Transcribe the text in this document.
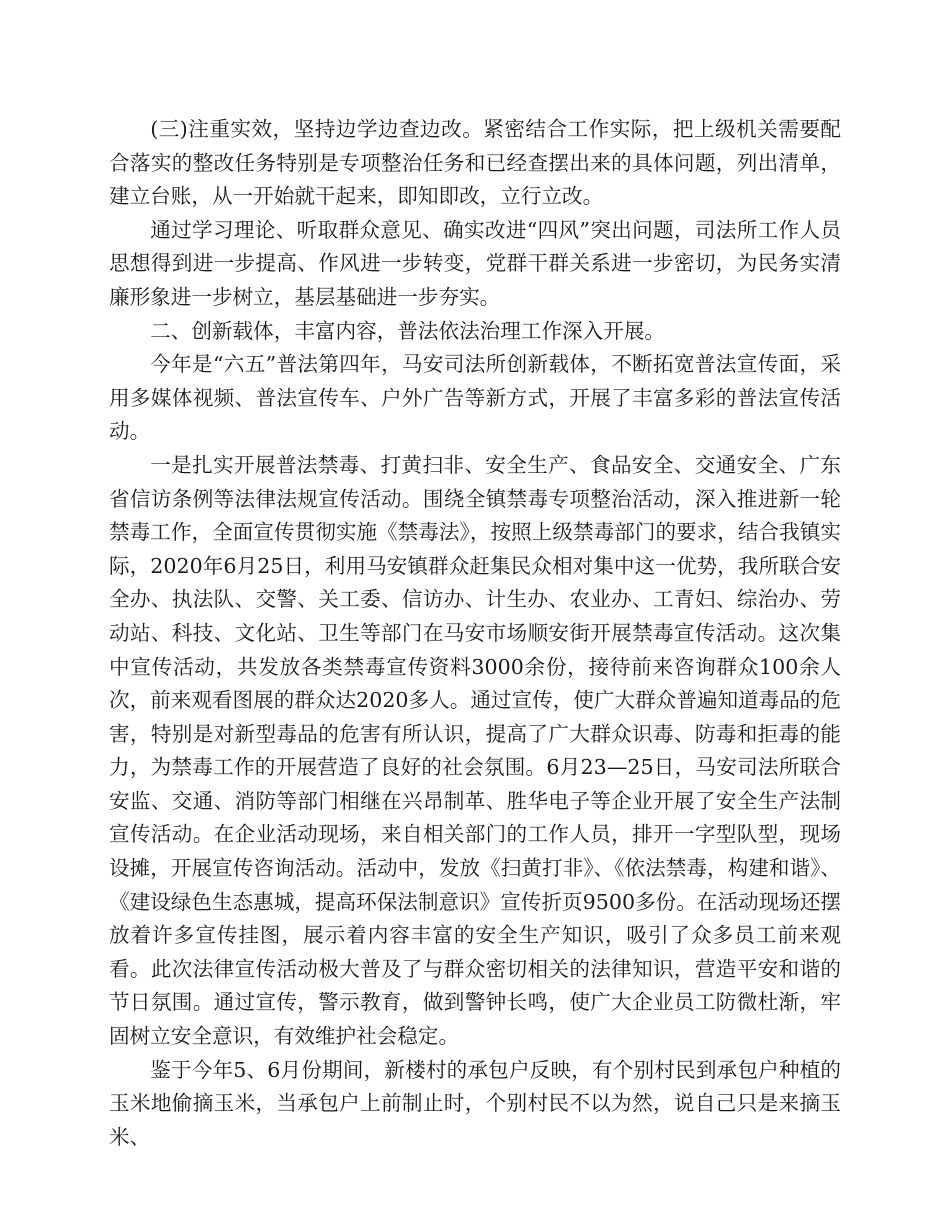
(三)注重实效，坚持边学边查边改。紧密结合工作实际，把上级机关需要配合落实的整改任务特别是专项整治任务和已经查摆出来的具体问题，列出清单，建立台账，从一开始就干起来，即知即改，立行立改。

通过学习理论、听取群众意见、确实改进“四风”突出问题，司法所工作人员思想得到进一步提高、作风进一步转变，党群干群关系进一步密切，为民务实清廉形象进一步树立，基层基础进一步夯实。

二、创新载体，丰富内容，普法依法治理工作深入开展。

今年是“六五”普法第四年，马安司法所创新载体，不断拓宽普法宣传面，采用多媒体视频、普法宣传车、户外广告等新方式，开展了丰富多彩的普法宣传活动。

一是扎实开展普法禁毒、打黄扫非、安全生产、食品安全、交通安全、广东省信访条例等法律法规宣传活动。围绕全镇禁毒专项整治活动，深入推进新一轮禁毒工作，全面宣传贯彻实施《禁毒法》，按照上级禁毒部门的要求，结合我镇实际，2020年6月25日，利用马安镇群众赶集民众相对集中这一优势，我所联合安全办、执法队、交警、关工委、信访办、计生办、农业办、工青妇、综治办、劳动站、科技、文化站、卫生等部门在马安市场顺安街开展禁毒宣传活动。这次集中宣传活动，共发放各类禁毒宣传资料3000余份，接待前来咨询群众100余人次，前来观看图展的群众达2020多人。通过宣传，使广大群众普遍知道毒品的危害，特别是对新型毒品的危害有所认识，提高了广大群众识毒、防毒和拒毒的能力，为禁毒工作的开展营造了良好的社会氛围。6月23—25日，马安司法所联合安监、交通、消防等部门相继在兴昂制革、胜华电子等企业开展了安全生产法制宣传活动。在企业活动现场，来自相关部门的工作人员，排开一字型队型，现场设摊，开展宣传咨询活动。活动中，发放《扫黄打非》、《依法禁毒，构建和谐》、《建设绿色生态惠城，提高环保法制意识》宣传折页9500多份。在活动现场还摆放着许多宣传挂图，展示着内容丰富的安全生产知识，吸引了众多员工前来观看。此次法律宣传活动极大普及了与群众密切相关的法律知识，营造平安和谐的节日氛围。通过宣传，警示教育，做到警钟长鸣，使广大企业员工防微杜渐，牢固树立安全意识，有效维护社会稳定。

鉴于今年5、6月份期间，新楼村的承包户反映，有个别村民到承包户种植的玉米地偷摘玉米，当承包户上前制止时，个别村民不以为然，说自己只是来摘玉米、
